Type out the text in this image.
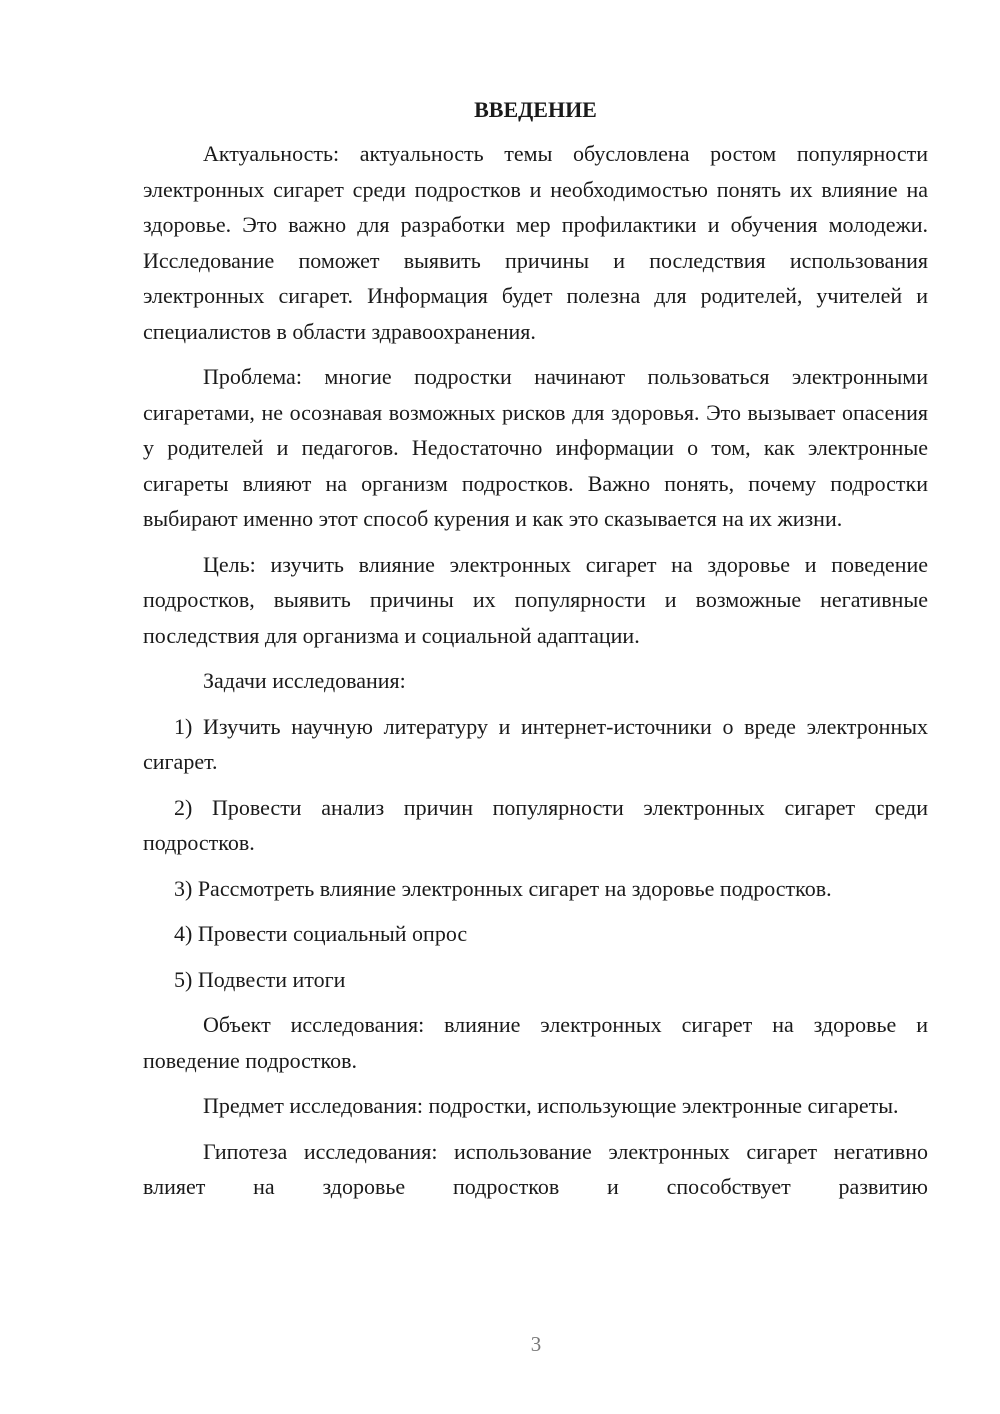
ВВЕДЕНИЕ

Актуальность: актуальность темы обусловлена ростом популярности электронных сигарет среди подростков и необходимостью понять их влияние на здоровье. Это важно для разработки мер профилактики и обучения молодежи. Исследование поможет выявить причины и последствия использования электронных сигарет. Информация будет полезна для родителей, учителей и специалистов в области здравоохранения.

Проблема: многие подростки начинают пользоваться электронными сигаретами, не осознавая возможных рисков для здоровья. Это вызывает опасения у родителей и педагогов. Недостаточно информации о том, как электронные сигареты влияют на организм подростков. Важно понять, почему подростки выбирают именно этот способ курения и как это сказывается на их жизни.

Цель: изучить влияние электронных сигарет на здоровье и поведение подростков, выявить причины их популярности и возможные негативные последствия для организма и социальной адаптации.

Задачи исследования:

1) Изучить научную литературу и интернет-источники о вреде электронных сигарет.

2) Провести анализ причин популярности электронных сигарет среди подростков.

3) Рассмотреть влияние электронных сигарет на здоровье подростков.

4) Провести социальный опрос

5) Подвести итоги

Объект исследования: влияние электронных сигарет на здоровье и поведение подростков.

Предмет исследования: подростки, использующие электронные сигареты.

Гипотеза исследования: использование электронных сигарет негативно влияет на здоровье подростков и способствует развитию

3
